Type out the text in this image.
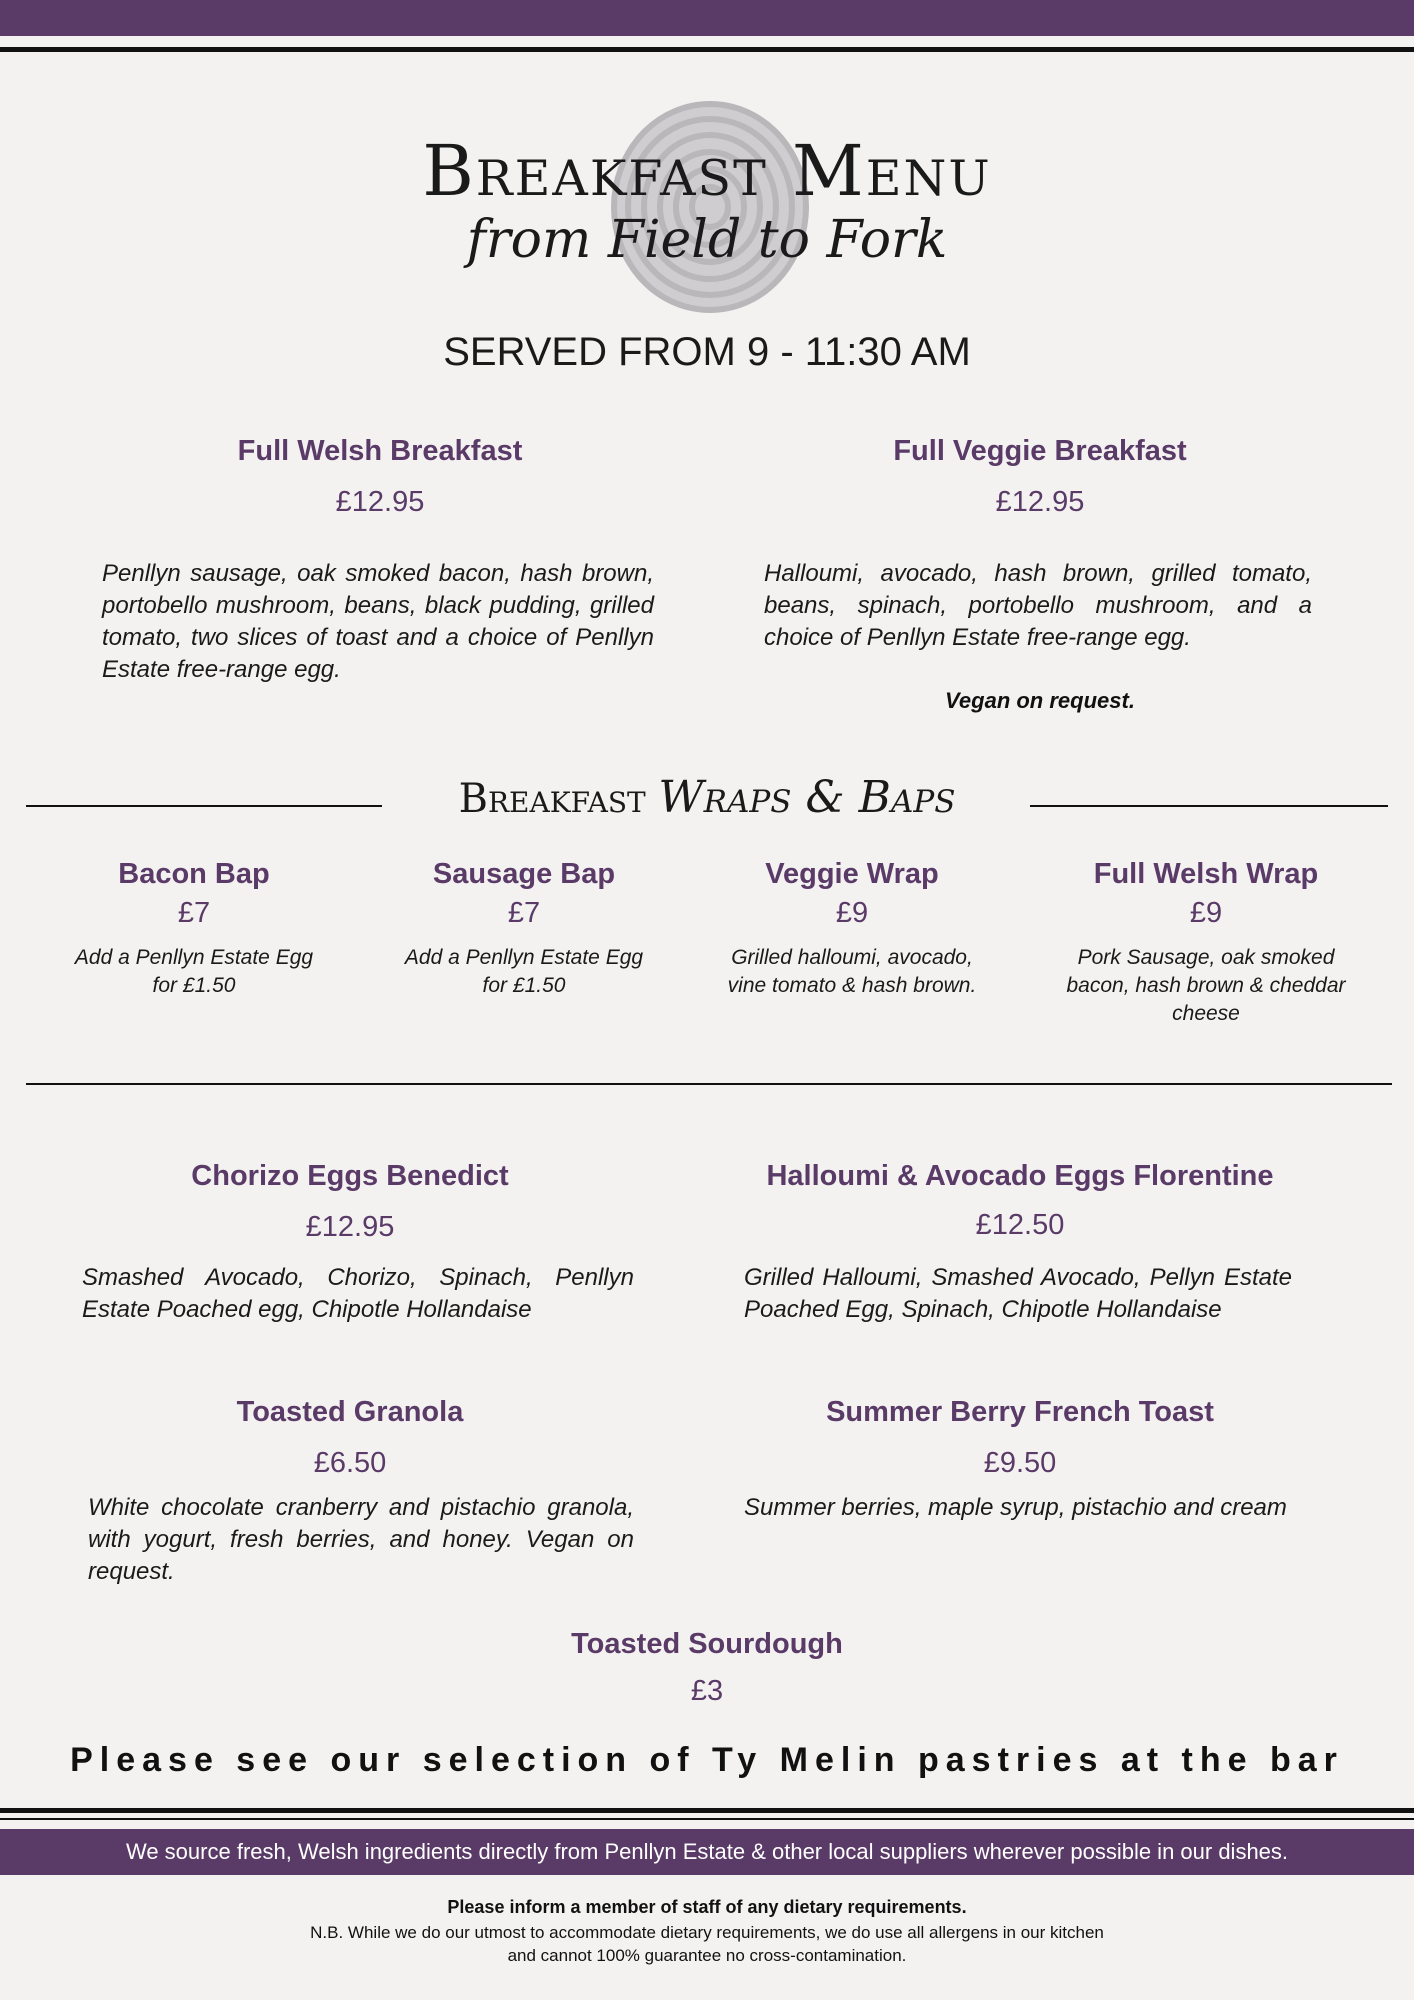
Breakfast Menu
from Field to Fork
SERVED FROM 9 - 11:30 AM
Full Welsh Breakfast
£12.95
Penllyn sausage, oak smoked bacon, hash brown, portobello mushroom, beans, black pudding, grilled tomato, two slices of toast and a choice of Penllyn Estate free-range egg.
Full Veggie Breakfast
£12.95
Halloumi, avocado, hash brown, grilled tomato, beans, spinach, portobello mushroom, and a choice of Penllyn Estate free-range egg.
Vegan on request.
Breakfast Wraps & Baps
Bacon Bap
£7
Add a Penllyn Estate Egg for £1.50
Sausage Bap
£7
Add a Penllyn Estate Egg for £1.50
Veggie Wrap
£9
Grilled halloumi, avocado, vine tomato & hash brown.
Full Welsh Wrap
£9
Pork Sausage, oak smoked bacon, hash brown & cheddar cheese
Chorizo Eggs Benedict
£12.95
Smashed Avocado, Chorizo, Spinach, Penllyn Estate Poached egg, Chipotle Hollandaise
Halloumi & Avocado Eggs Florentine
£12.50
Grilled Halloumi, Smashed Avocado, Pellyn Estate Poached Egg, Spinach, Chipotle Hollandaise
Toasted Granola
£6.50
White chocolate cranberry and pistachio granola, with yogurt, fresh berries, and honey. Vegan on request.
Summer Berry French Toast
£9.50
Summer berries, maple syrup, pistachio and cream
Toasted Sourdough
£3
Please see our selection of Ty Melin pastries at the bar
We source fresh, Welsh ingredients directly from Penllyn Estate & other local suppliers wherever possible in our dishes.
Please inform a member of staff of any dietary requirements.
N.B. While we do our utmost to accommodate dietary requirements, we do use all allergens in our kitchen and cannot 100% guarantee no cross-contamination.
